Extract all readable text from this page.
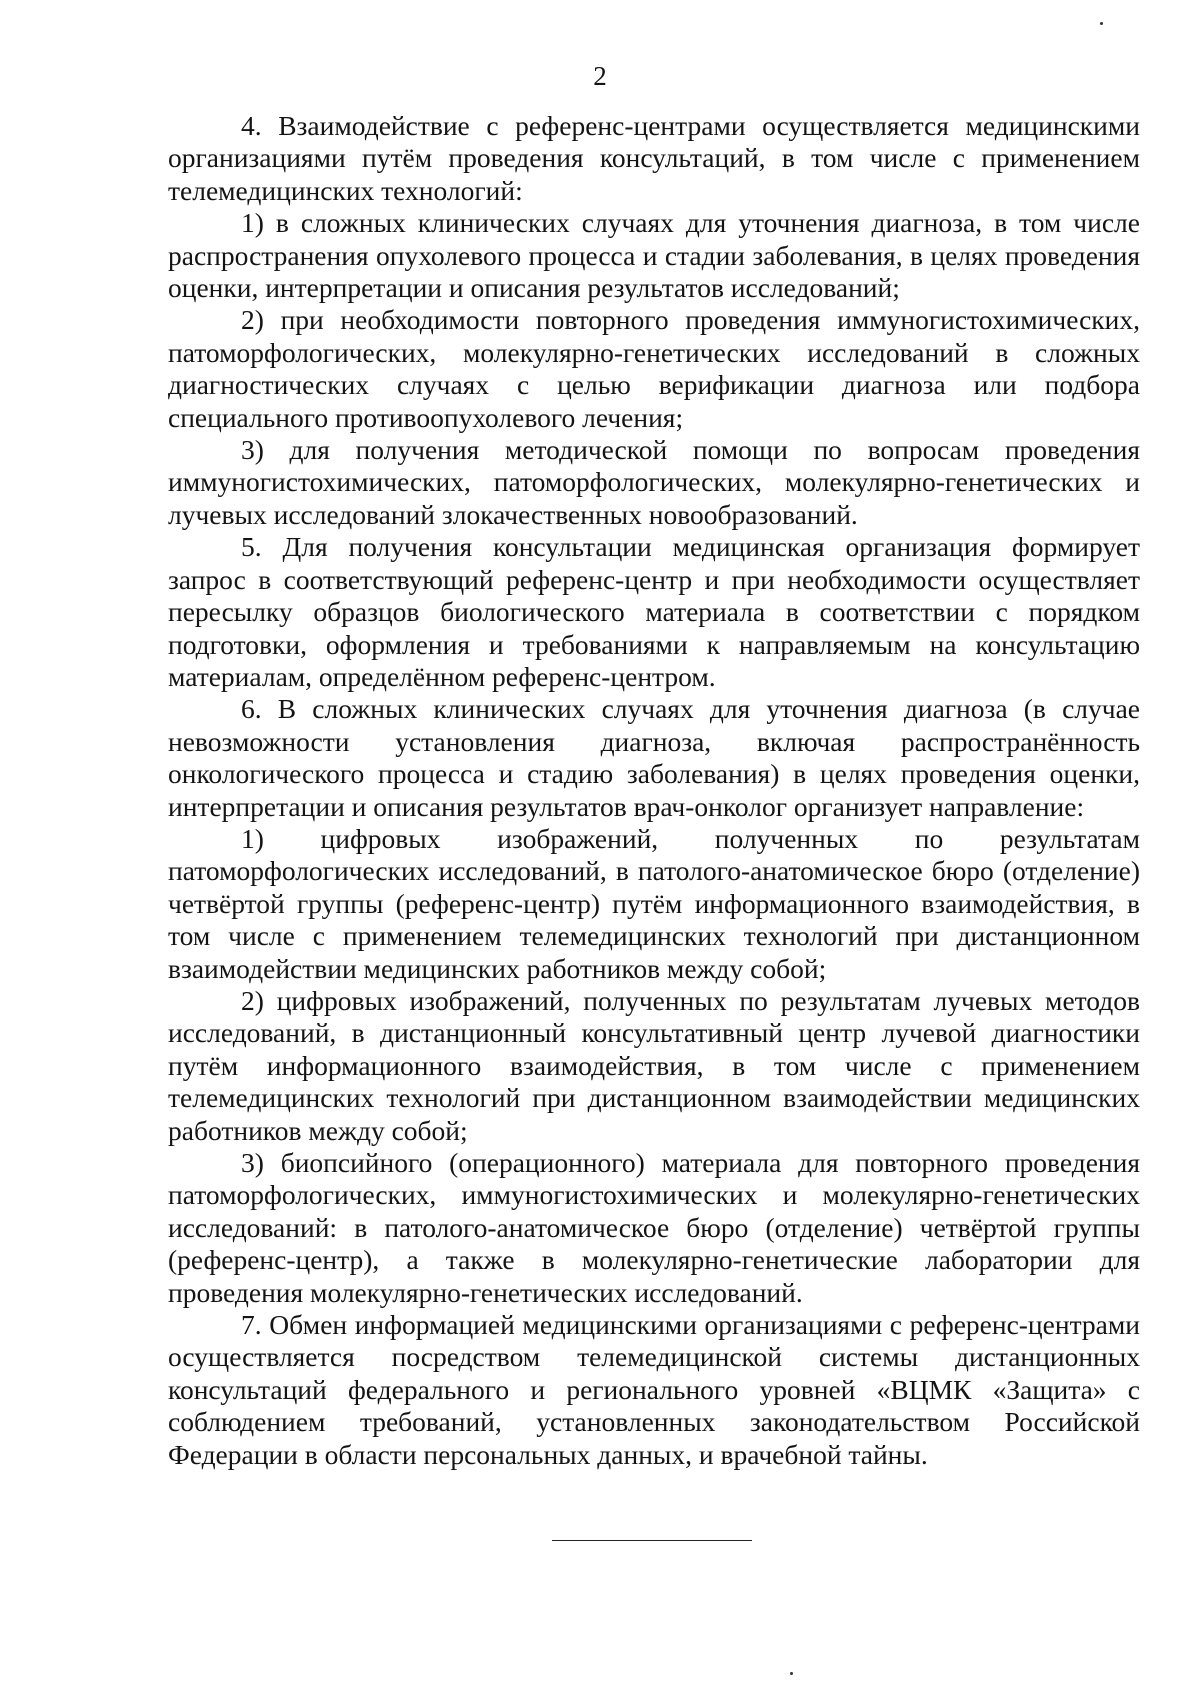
2

4. Взаимодействие с референс-центрами осуществляется медицинскими организациями путём проведения консультаций, в том числе с применением телемедицинских технологий:

1) в сложных клинических случаях для уточнения диагноза, в том числе распространения опухолевого процесса и стадии заболевания, в целях проведения оценки, интерпретации и описания результатов исследований;

2) при необходимости повторного проведения иммуногистохимических, патоморфологических, молекулярно-генетических исследований в сложных диагностических случаях с целью верификации диагноза или подбора специального противоопухолевого лечения;

3) для получения методической помощи по вопросам проведения иммуногистохимических, патоморфологических, молекулярно-генетических и лучевых исследований злокачественных новообразований.

5. Для получения консультации медицинская организация формирует запрос в соответствующий референс-центр и при необходимости осуществляет пересылку образцов биологического материала в соответствии с порядком подготовки, оформления и требованиями к направляемым на консультацию материалам, определённом референс-центром.

6. В сложных клинических случаях для уточнения диагноза (в случае невозможности установления диагноза, включая распространённость онкологического процесса и стадию заболевания) в целях проведения оценки, интерпретации и описания результатов врач-онколог организует направление:

1) цифровых изображений, полученных по результатам патоморфологических исследований, в патолого-анатомическое бюро (отделение) четвёртой группы (референс-центр) путём информационного взаимодействия, в том числе с применением телемедицинских технологий при дистанционном взаимодействии медицинских работников между собой;

2) цифровых изображений, полученных по результатам лучевых методов исследований, в дистанционный консультативный центр лучевой диагностики путём информационного взаимодействия, в том числе с применением телемедицинских технологий при дистанционном взаимодействии медицинских работников между собой;

3) биопсийного (операционного) материала для повторного проведения патоморфологических, иммуногистохимических и молекулярно-генетических исследований: в патолого-анатомическое бюро (отделение) четвёртой группы (референс-центр), а также в молекулярно-генетические лаборатории для проведения молекулярно-генетических исследований.

7. Обмен информацией медицинскими организациями с референс-центрами осуществляется посредством телемедицинской системы дистанционных консультаций федерального и регионального уровней «ВЦМК «Защита» с соблюдением требований, установленных законодательством Российской Федерации в области персональных данных, и врачебной тайны.
